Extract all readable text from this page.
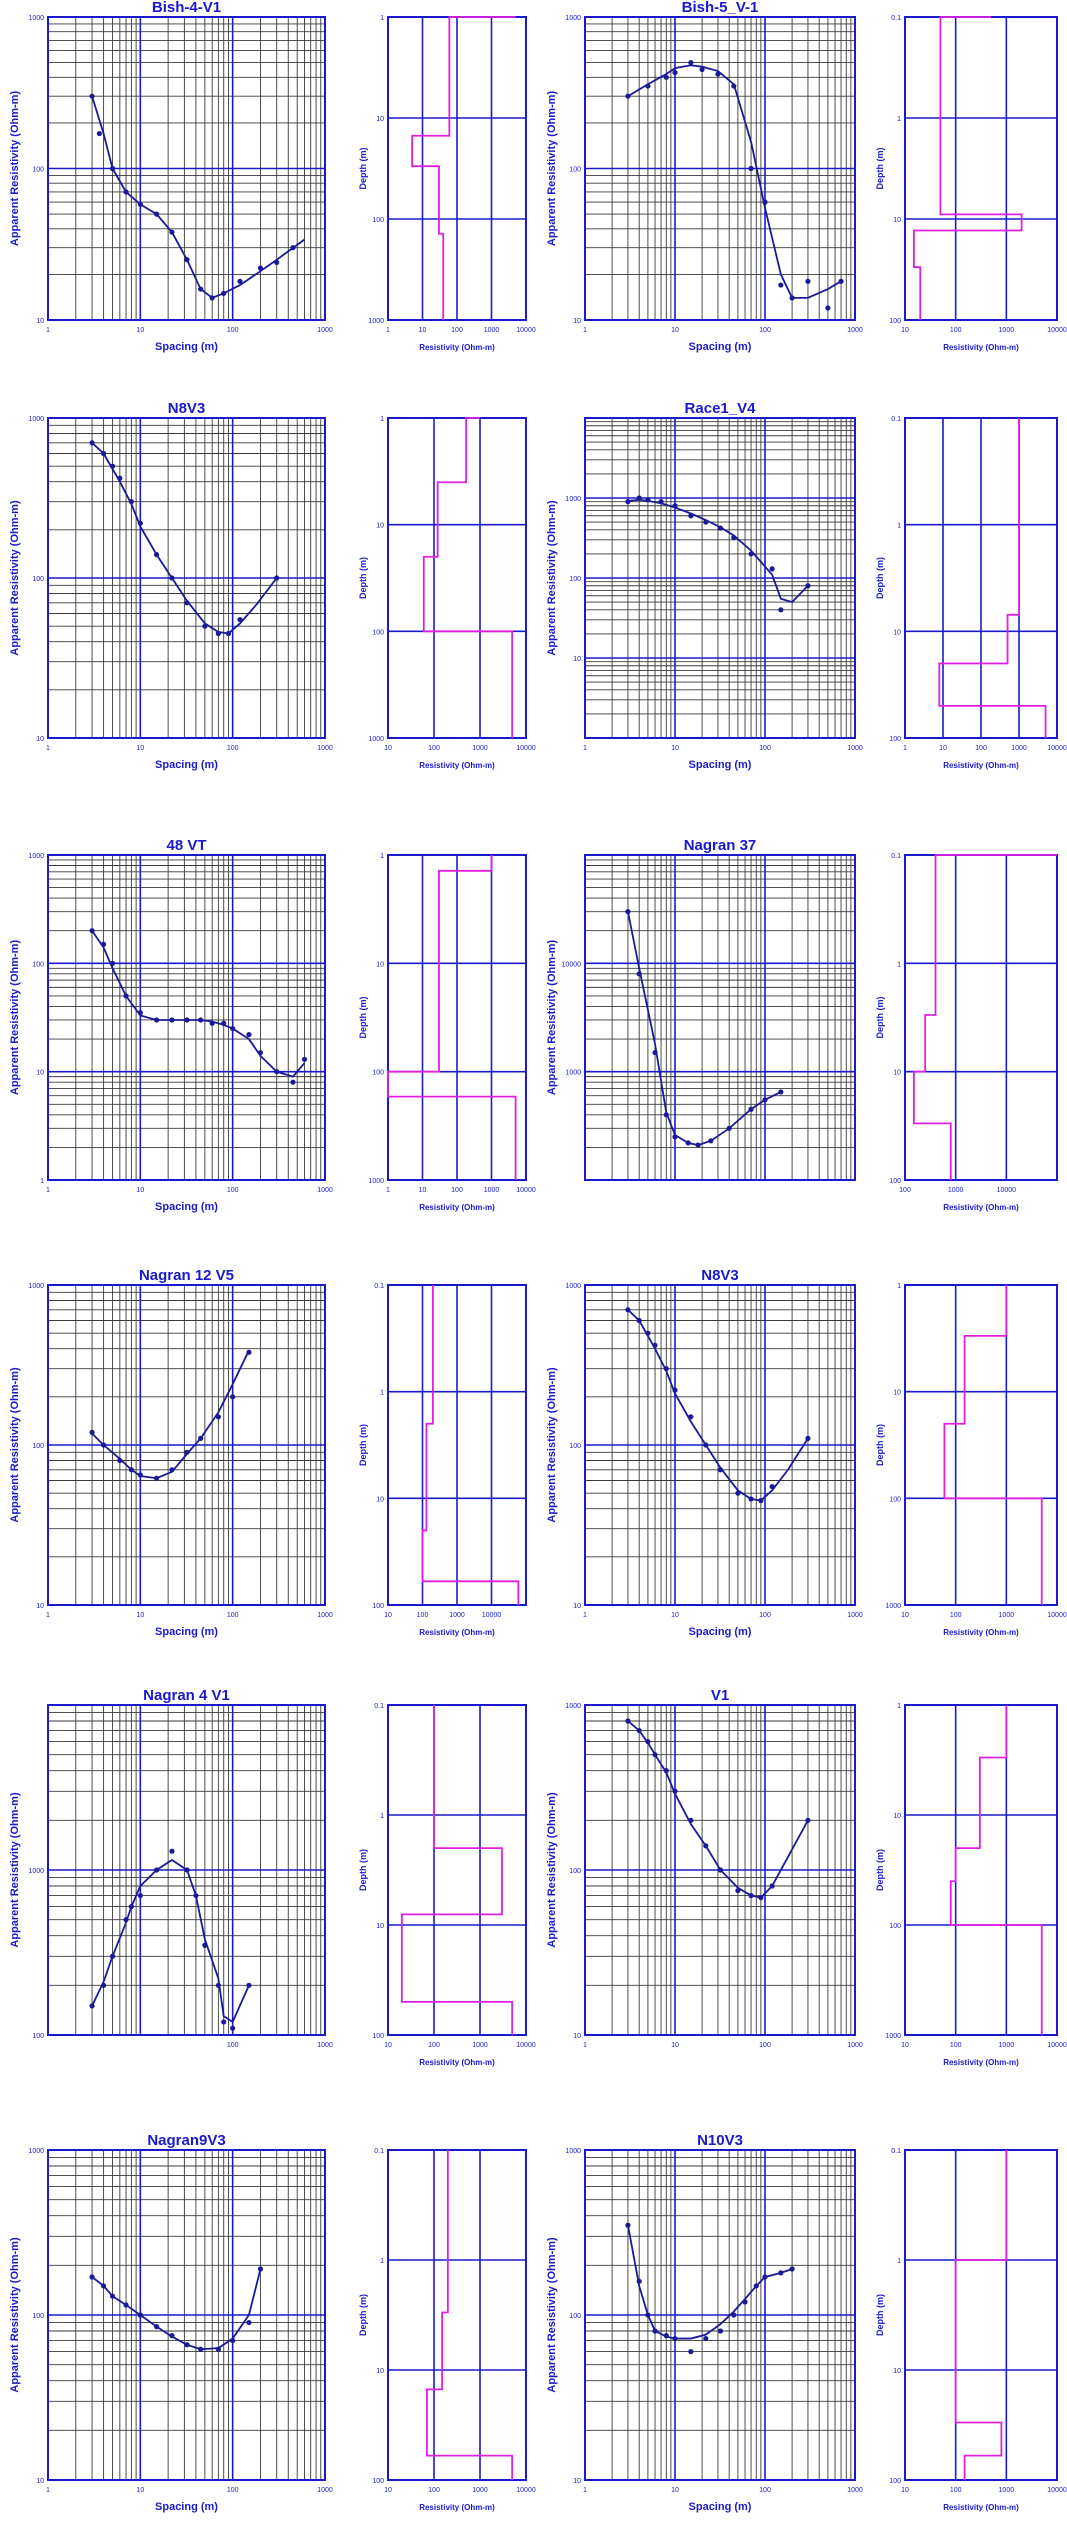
1	10	100	1000
10
100
1000
Bish-4-V1
Spacing (m)
Apparent Resistivity (Ohm-m)
1	10	100	1000 10000
1
10
100
1000
Resistivity (Ohm-m)
Depth (m)
1	10	100	1000
10
100
1000
Bish-5_V-1
Spacing (m)
Apparent Resistivity (Ohm-m)
10	100	1000	10000
0.1
1
10
100
Resistivity (Ohm-m)
Depth (m)
1	10	100	1000
10
100
1000
N8V3
Spacing (m)
Apparent Resistivity (Ohm-m)
10	100	1000	10000
1
10
100
1000
Resistivity (Ohm-m)
Depth (m)
1	10	100	1000
10
100
1000
Race1_V4
Spacing (m)
Apparent Resistivity (Ohm-m)
1	10	100	1000	10000
0.1
1
10
100
Resistivity (Ohm-m)
Depth (m)
1	10	100	1000
1
10
100
1000
48 VT
Spacing (m)
Apparent Resistivity (Ohm-m)
1	10	100	1000 10000
1
10
100
1000
Resistivity (Ohm-m)
Depth (m)
1000
10000
Nagran 37
Apparent Resistivity (Ohm-m)
100	1000	10000
0.1
1
10
100
Resistivity (Ohm-m)
Depth (m)
1	10	100	1000
10
100
1000
Nagran 12 V5
Spacing (m)
Apparent Resistivity (Ohm-m)
10	100	1000 10000
0.1
1
10
100
Resistivity (Ohm-m)
Depth (m)
1	10	100	1000
10
100
1000
N8V3
Spacing (m)
Apparent Resistivity (Ohm-m)
10	100	1000	10000
1
10
100
1000
Resistivity (Ohm-m)
Depth (m)
100	1000
100
1000
Nagran 4 V1
Apparent Resistivity (Ohm-m)
10	100	1000	10000
0.1
1
10
100
Resistivity (Ohm-m)
Depth (m)
1	10	100	1000
10
100
1000
V1
Apparent Resistivity (Ohm-m)
10	100	1000	10000
1
10
100
1000
Resistivity (Ohm-m)
Depth (m)
1	10	100	1000
10
100
1000
Nagran9V3
Spacing (m)
Apparent Resistivity (Ohm-m)
10	100	1000	10000
0.1
1
10
100
Resistivity (Ohm-m)
Depth (m)
1	10	100	1000
10
100
1000
N10V3
Spacing (m)
Apparent Resistivity (Ohm-m)
10	100	1000	10000
0.1
1
10
100
Resistivity (Ohm-m)
Depth (m)
